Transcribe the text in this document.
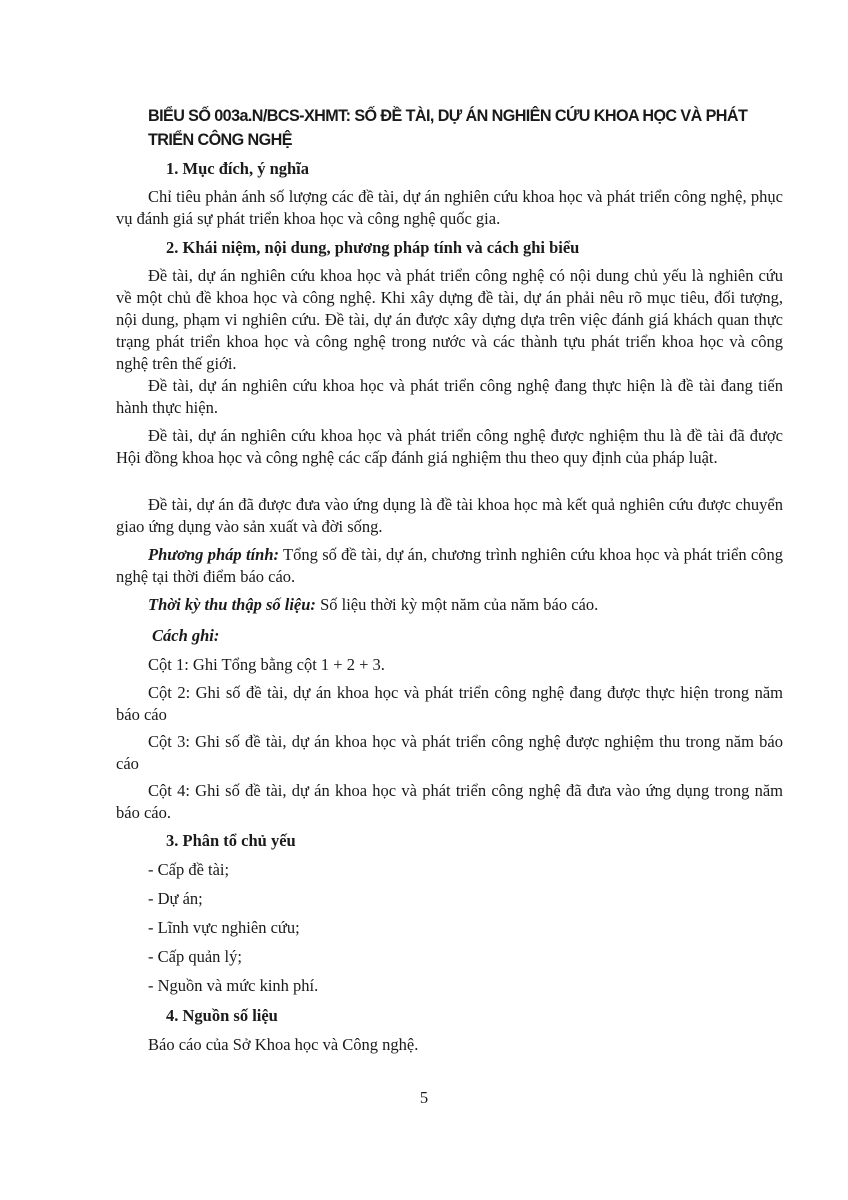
BIỂU SỐ 003a.N/BCS-XHMT: SỐ ĐỀ TÀI, DỰ ÁN NGHIÊN CỨU KHOA HỌC VÀ PHÁT TRIỂN CÔNG NGHỆ
1. Mục đích, ý nghĩa
Chỉ tiêu phản ánh số lượng các đề tài, dự án nghiên cứu khoa học và phát triển công nghệ, phục vụ đánh giá sự phát triển khoa học và công nghệ quốc gia.
2. Khái niệm, nội dung, phương pháp tính và cách ghi biểu
Đề tài, dự án nghiên cứu khoa học và phát triển công nghệ có nội dung chủ yếu là nghiên cứu về một chủ đề khoa học và công nghệ. Khi xây dựng đề tài, dự án phải nêu rõ mục tiêu, đối tượng, nội dung, phạm vi nghiên cứu. Đề tài, dự án được xây dựng dựa trên việc đánh giá khách quan thực trạng phát triển khoa học và công nghệ trong nước và các thành tựu phát triển khoa học và công nghệ trên thế giới.
Đề tài, dự án nghiên cứu khoa học và phát triển công nghệ đang thực hiện là đề tài đang tiến hành thực hiện.
Đề tài, dự án nghiên cứu khoa học và phát triển công nghệ được nghiệm thu là đề tài đã được Hội đồng khoa học và công nghệ các cấp đánh giá nghiệm thu theo quy định của pháp luật.
Đề tài, dự án đã được đưa vào ứng dụng là đề tài khoa học mà kết quả nghiên cứu được chuyển giao ứng dụng vào sản xuất và đời sống.
Phương pháp tính: Tổng số đề tài, dự án, chương trình nghiên cứu khoa học và phát triển công nghệ tại thời điểm báo cáo.
Thời kỳ thu thập số liệu: Số liệu thời kỳ một năm của năm báo cáo.
Cách ghi:
Cột 1: Ghi Tổng bằng cột 1 + 2 + 3.
Cột 2: Ghi số đề tài, dự án khoa học và phát triển công nghệ đang được thực hiện trong năm báo cáo
Cột 3: Ghi số đề tài, dự án khoa học và phát triển công nghệ được nghiệm thu trong năm báo cáo
Cột 4: Ghi số đề tài, dự án khoa học và phát triển công nghệ đã đưa vào ứng dụng trong năm báo cáo.
3. Phân tổ chủ yếu
- Cấp đề tài;
- Dự án;
- Lĩnh vực nghiên cứu;
- Cấp quản lý;
- Nguồn và mức kinh phí.
4. Nguồn số liệu
Báo cáo của Sở Khoa học và Công nghệ.
5
